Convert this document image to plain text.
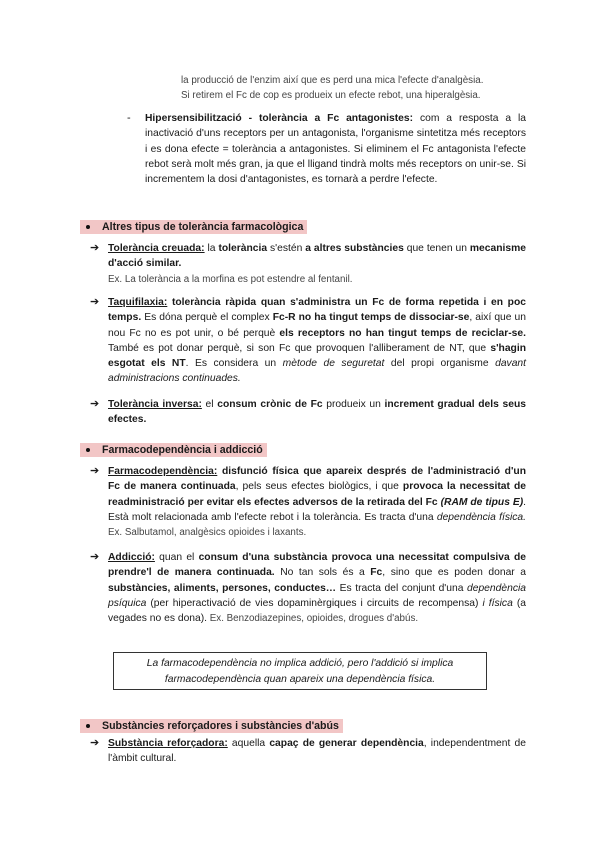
la producció de l'enzim així que es perd una mica l'efecte d'analgèsia.

Si retirem el Fc de cop es produeix un efecte rebot, una hiperalgèsia.

- Hipersensibilització - tolerància a Fc antagonistes: com a resposta a la inactivació d'uns receptors per un antagonista, l'organisme sintetitza més receptors i es dona efecte = tolerància a antagonistes. Si eliminem el Fc antagonista l'efecte rebot serà molt més gran, ja que el lligand tindrà molts més receptors on unir-se. Si incrementem la dosi d'antagonistes, es tornarà a perdre l'efecte.

Altres tipus de tolerància farmacològica
➔ Tolerància creuada: la tolerància s'estén a altres substàncies que tenen un mecanisme d'acció similar.

Ex. La tolerància a la morfina es pot estendre al fentanil.

➔ Taquifilaxia: tolerància ràpida quan s'administra un Fc de forma repetida i en poc temps. Es dóna perquè el complex Fc-R no ha tingut temps de dissociar-se, així que un nou Fc no es pot unir, o bé perquè els receptors no han tingut temps de reciclar-se. També es pot donar perquè, si son Fc que provoquen l'alliberament de NT, que s'hagin esgotat els NT. Es considera un mètode de seguretat del propi organisme davant administracions continuades.

➔ Tolerància inversa: el consum crònic de Fc produeix un increment gradual dels seus efectes.

Farmacodependència i addicció
➔ Farmacodependència: disfunció física que apareix després de l'administració d'un Fc de manera continuada, pels seus efectes biològics, i que provoca la necessitat de readministració per evitar els efectes adversos de la retirada del Fc (RAM de tipus E). Està molt relacionada amb l'efecte rebot i la tolerància. Es tracta d'una dependència física. Ex. Salbutamol, analgèsics opioides i laxants.

➔ Addicció: quan el consum d'una substància provoca una necessitat compulsiva de prendre'l de manera continuada. No tan sols és a Fc, sino que es poden donar a substàncies, aliments, persones, conductes… Es tracta del conjunt d'una dependència psíquica (per hiperactivació de vies dopaminèrgiques i circuits de recompensa) i física (a vegades no es dona). Ex. Benzodiazepines, opioides, drogues d'abús.

La farmacodependència no implica addició, pero l'addició si implica
farmacodependència quan apareix una dependència física.
Substàncies reforçadores i substàncies d'abús
➔ Substància reforçadora: aquella capaç de generar dependència, independentment de l'àmbit cultural.
